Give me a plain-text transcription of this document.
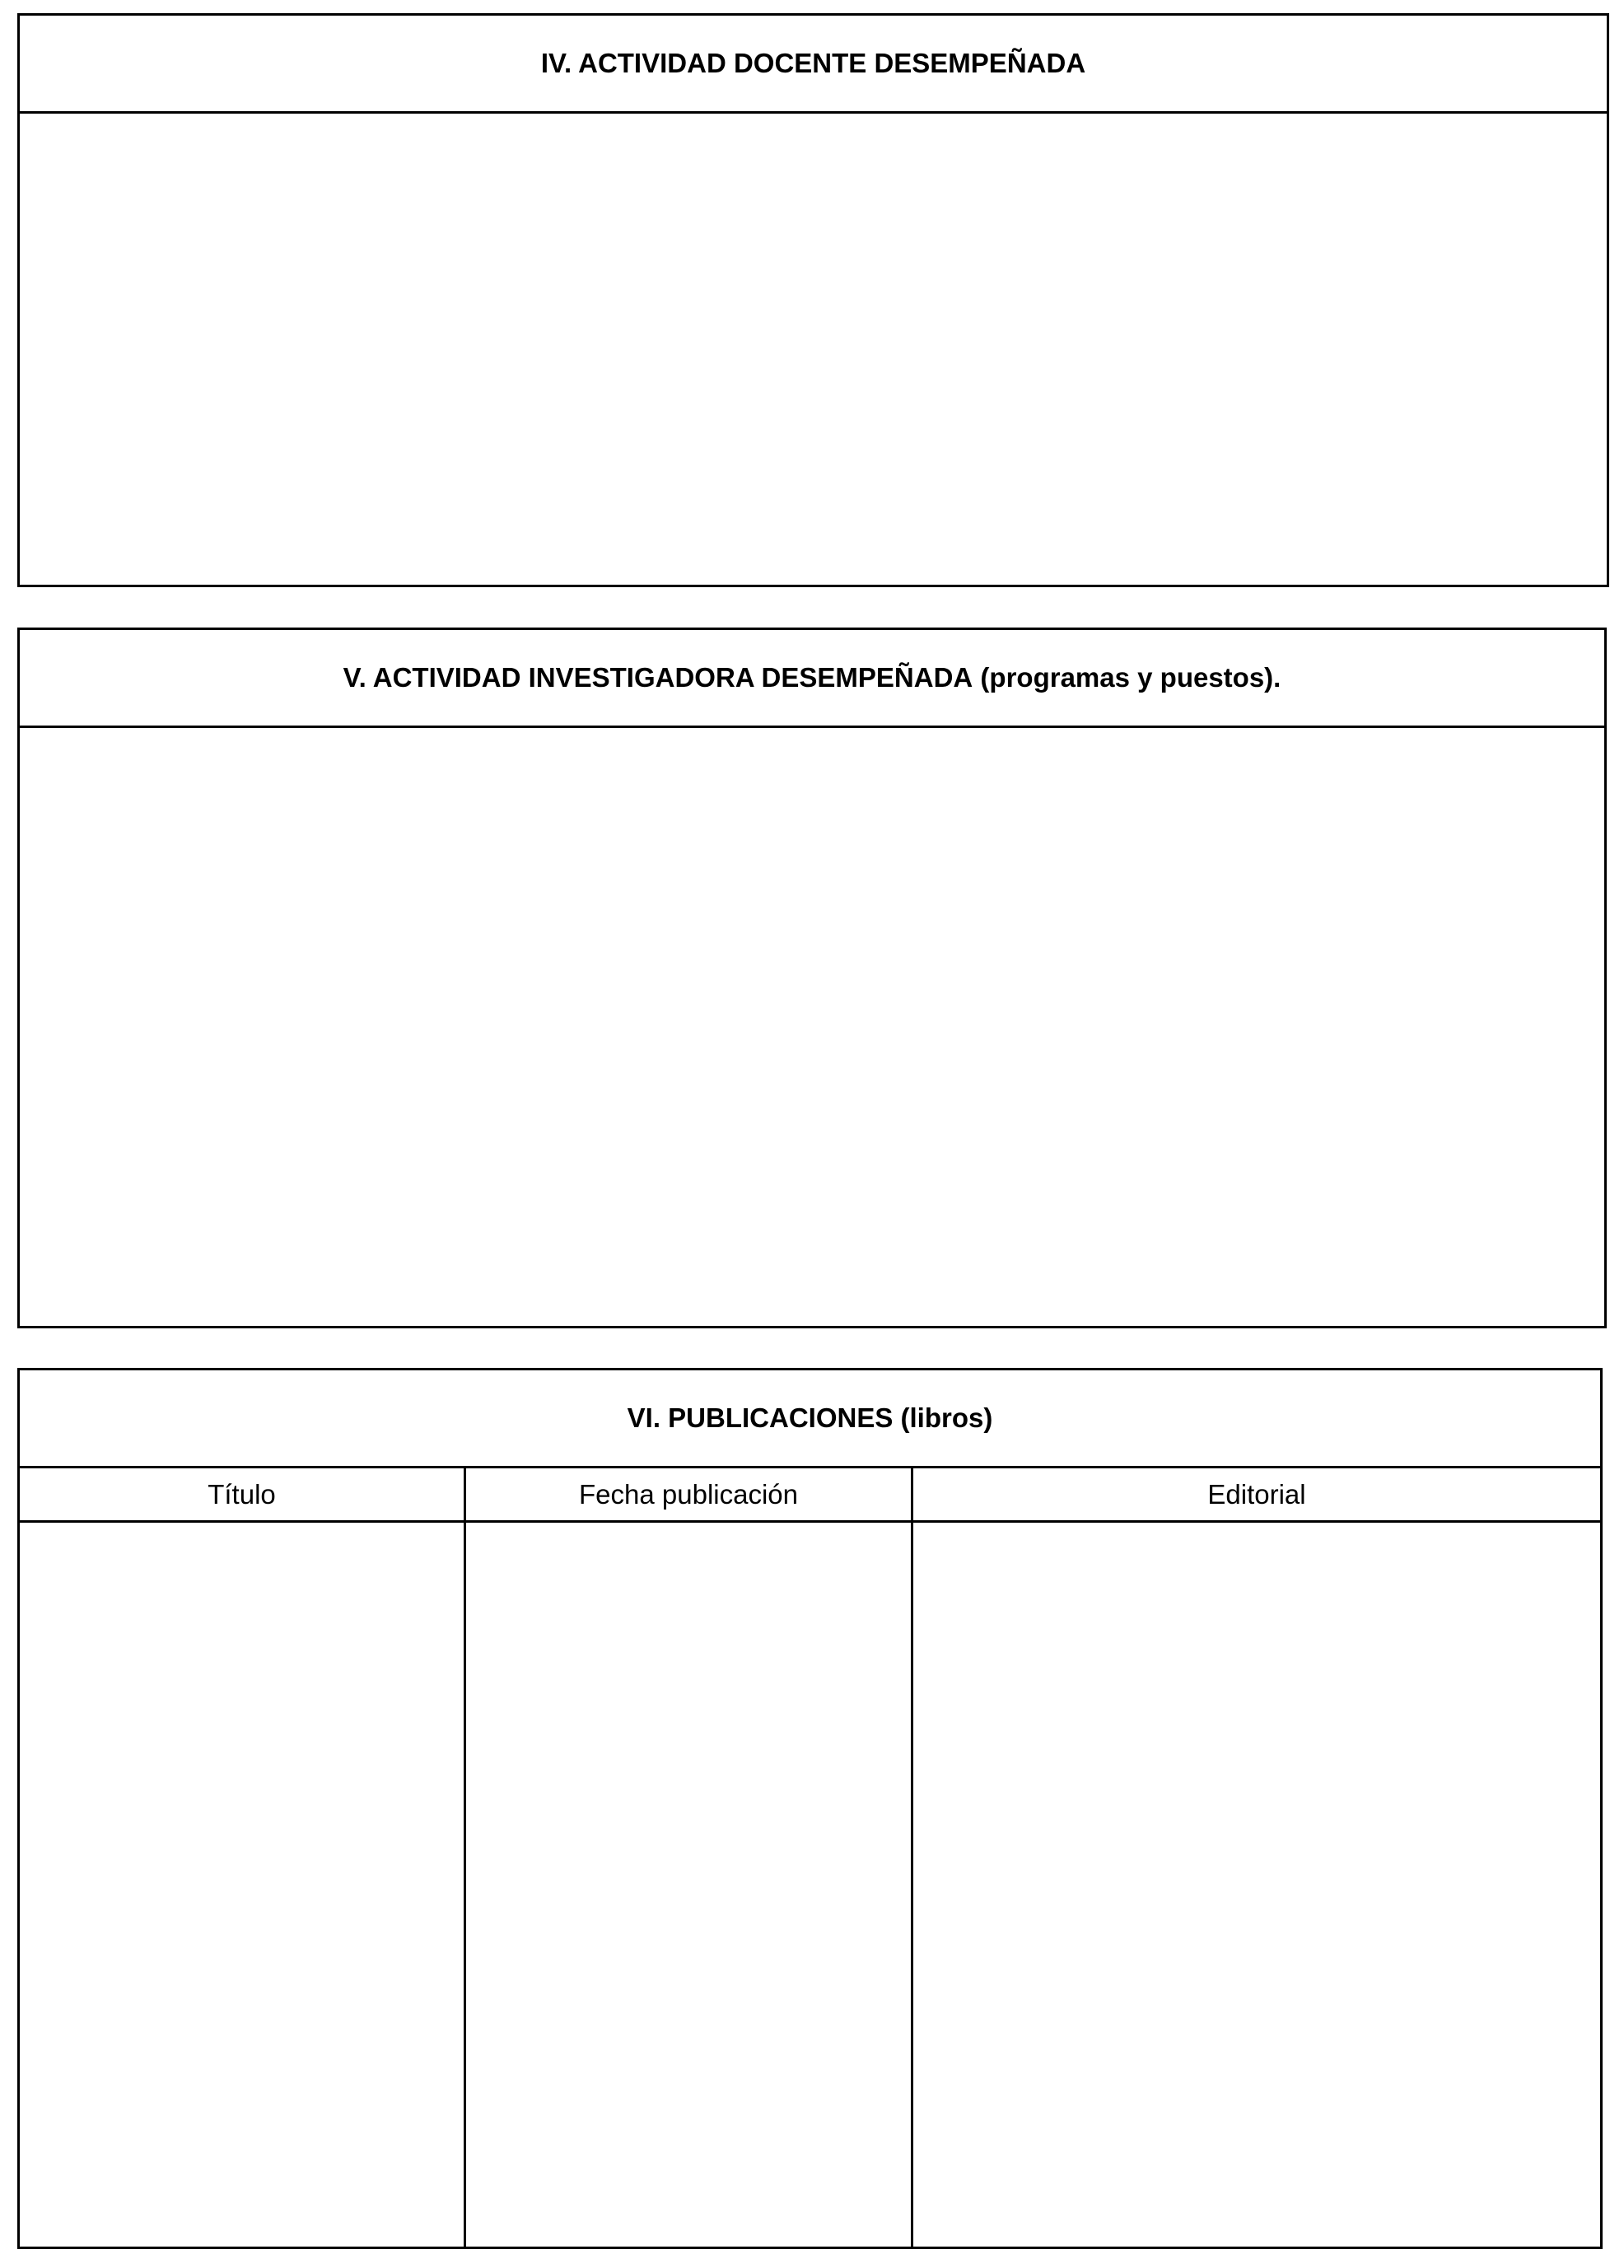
IV. ACTIVIDAD DOCENTE DESEMPEÑADA
V. ACTIVIDAD INVESTIGADORA DESEMPEÑADA (programas y puestos).
VI. PUBLICACIONES (libros)
Título	Fecha publicación	Editorial
